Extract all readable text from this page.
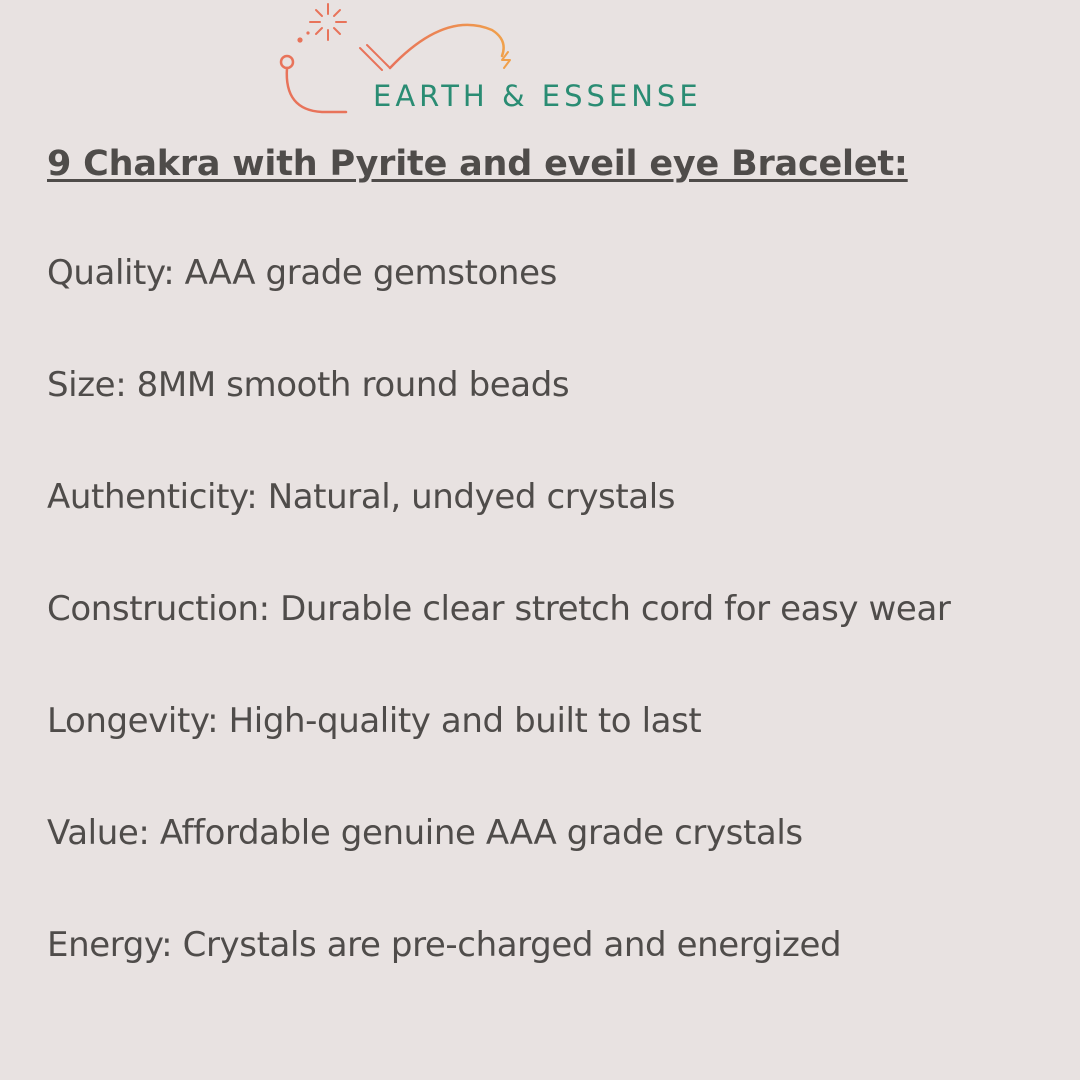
EARTH & ESSENSE

9 Chakra with Pyrite and eveil eye Bracelet:
Quality: AAA grade gemstones
Size: 8MM smooth round beads
Authenticity: Natural, undyed crystals
Construction: Durable clear stretch cord for easy wear
Longevity: High-quality and built to last
Value: Affordable genuine AAA grade crystals
Energy: Crystals are pre-charged and energized
